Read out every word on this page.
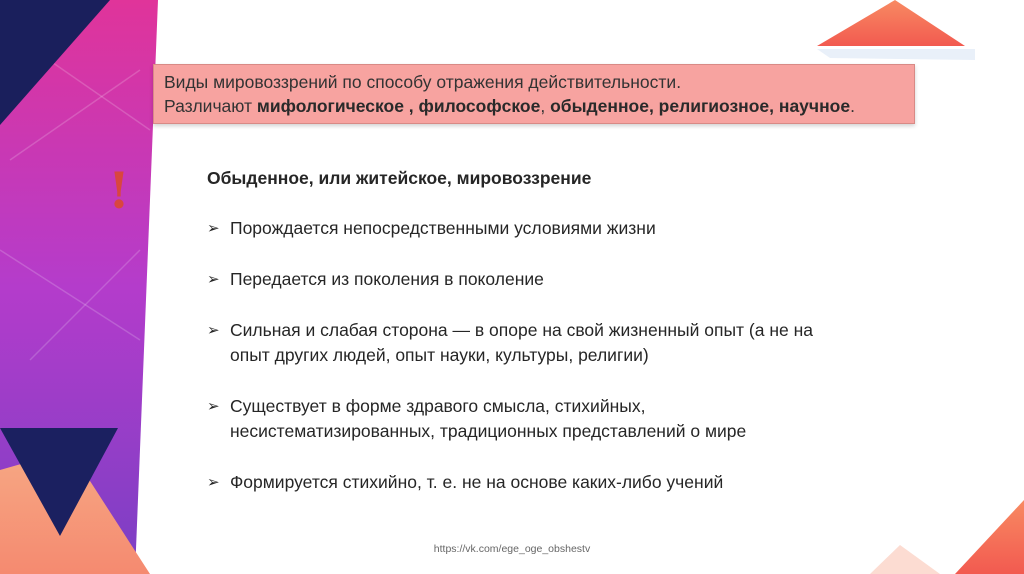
Виды мировоззрений по способу отражения действительности.
Различают мифологическое , философское, обыденное, религиозное, научное.
!	Обыденное, или житейское, мировоззрение
➢ Порождается непосредственными условиями жизни
➢ Передается из поколения в поколение
➢ Сильная и слабая сторона — в опоре на свой жизненный опыт (а не на
опыт других людей, опыт науки, культуры, религии)
➢ Существует в форме здравого смысла, стихийных,
несистематизированных, традиционных представлений о мире
➢ Формируется стихийно, т. е. не на основе каких-либо учений
https://vk.com/ege_oge_obshestv
